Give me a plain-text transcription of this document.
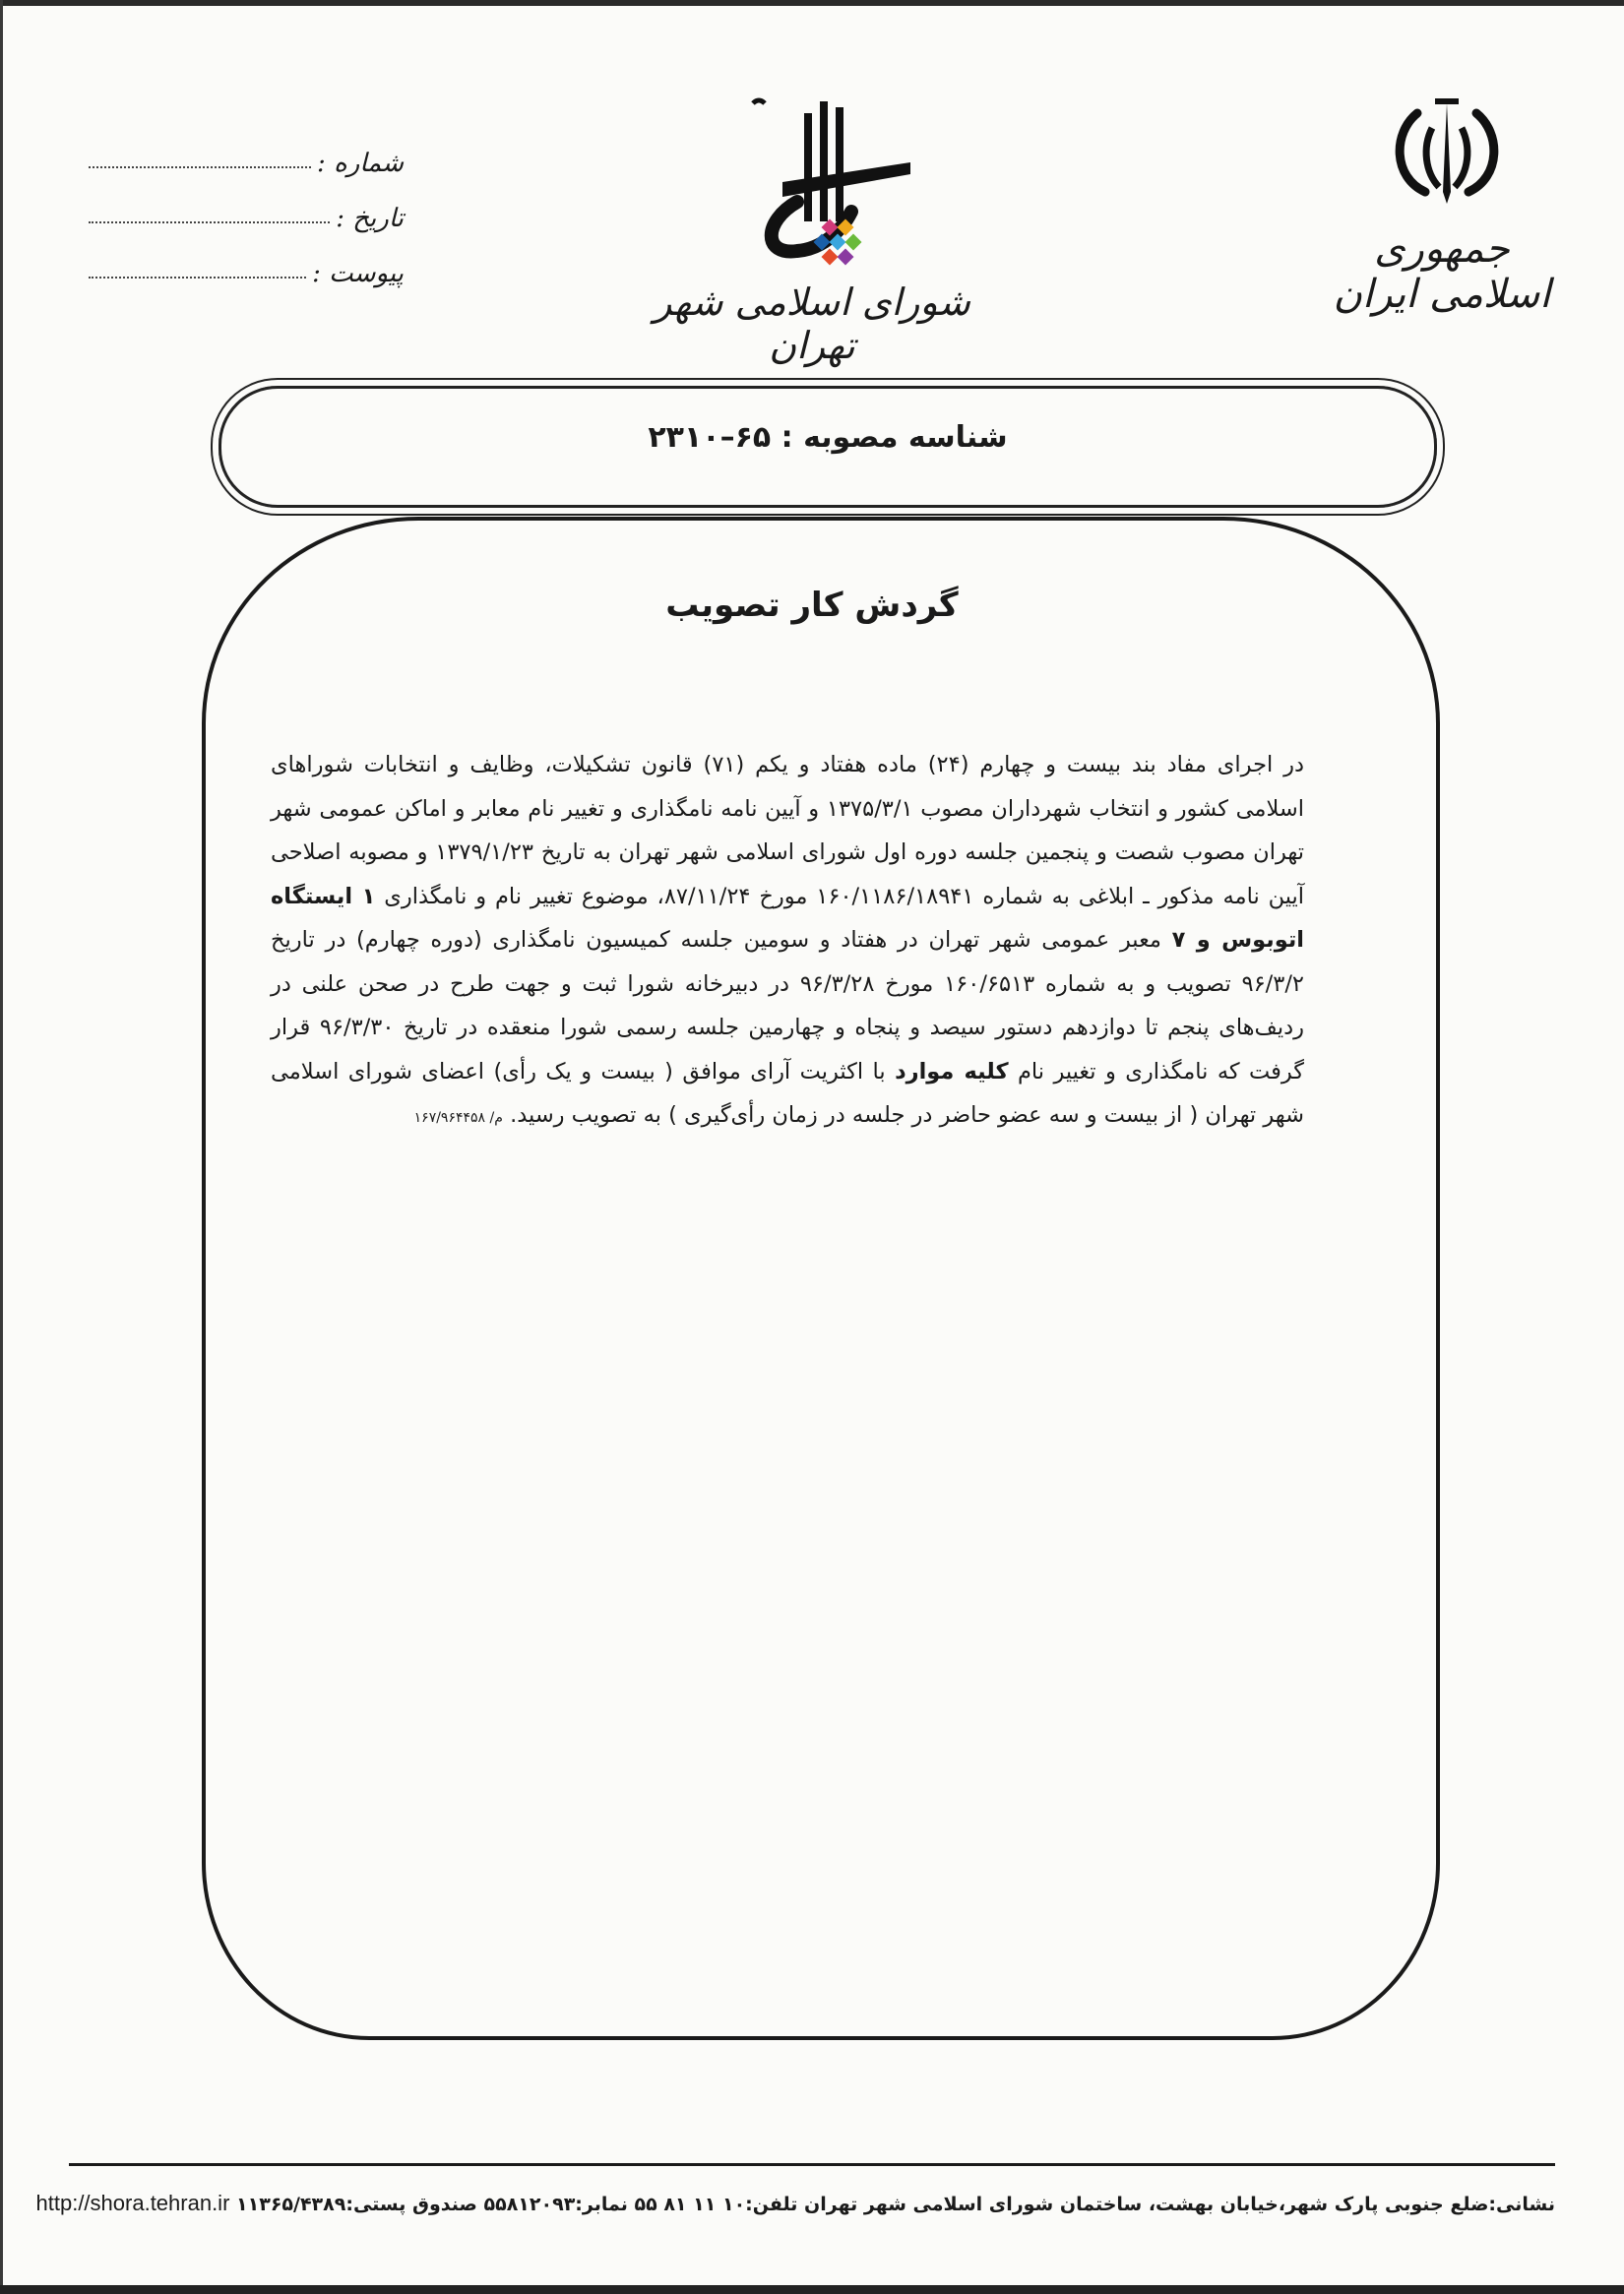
جمهوری اسلامی ایران
شورای اسلامی شهر تهران
شماره :
تاریخ :
پیوست :
شناسه مصوبه : ۶۵–۲۳۱۰
گردش کار تصویب
در اجرای مفاد بند بیست و چهارم (۲۴) ماده هفتاد و یکم (۷۱) قانون تشکیلات، وظایف و انتخابات شوراهای اسلامی کشور و انتخاب شهرداران مصوب ۱۳۷۵/۳/۱ و آیین نامه نامگذاری و تغییر نام معابر و اماکن عمومی شهر تهران مصوب شصت و پنجمین جلسه دوره اول شورای اسلامی شهر تهران به تاریخ ۱۳۷۹/۱/۲۳ و مصوبه اصلاحی آیین نامه مذکور ـ ابلاغی به شماره ۱۶۰/۱۱۸۶/۱۸۹۴۱ مورخ ۸۷/۱۱/۲۴، موضوع تغییر نام و نامگذاری ۱ ایستگاه اتوبوس و ۷ معبر عمومی شهر تهران در هفتاد و سومین جلسه کمیسیون نامگذاری (دوره چهارم) در تاریخ ۹۶/۳/۲ تصویب و به شماره ۱۶۰/۶۵۱۳ مورخ ۹۶/۳/۲۸ در دبیرخانه شورا ثبت و جهت طرح در صحن علنی در ردیف‌های پنجم تا دوازدهم دستور سیصد و پنجاه و چهارمین جلسه رسمی شورا منعقده در تاریخ ۹۶/۳/۳۰ قرار گرفت که نامگذاری و تغییر نام کلیه موارد با اکثریت آرای موافق ( بیست و یک رأی) اعضای شورای اسلامی شهر تهران ( از بیست و سه عضو حاضر در جلسه در زمان رأی‌گیری ) به تصویب رسید. م/ ۱۶۷/۹۶۴۴۵۸
نشانی:ضلع جنوبی پارک شهر،خیابان بهشت، ساختمان شورای اسلامی شهر تهران تلفن:۱۰ ۱۱ ۸۱ ۵۵ نمابر:۵۵۸۱۲۰۹۳ صندوق پستی:۱۱۳۶۵/۴۳۸۹ http://shora.tehran.ir
